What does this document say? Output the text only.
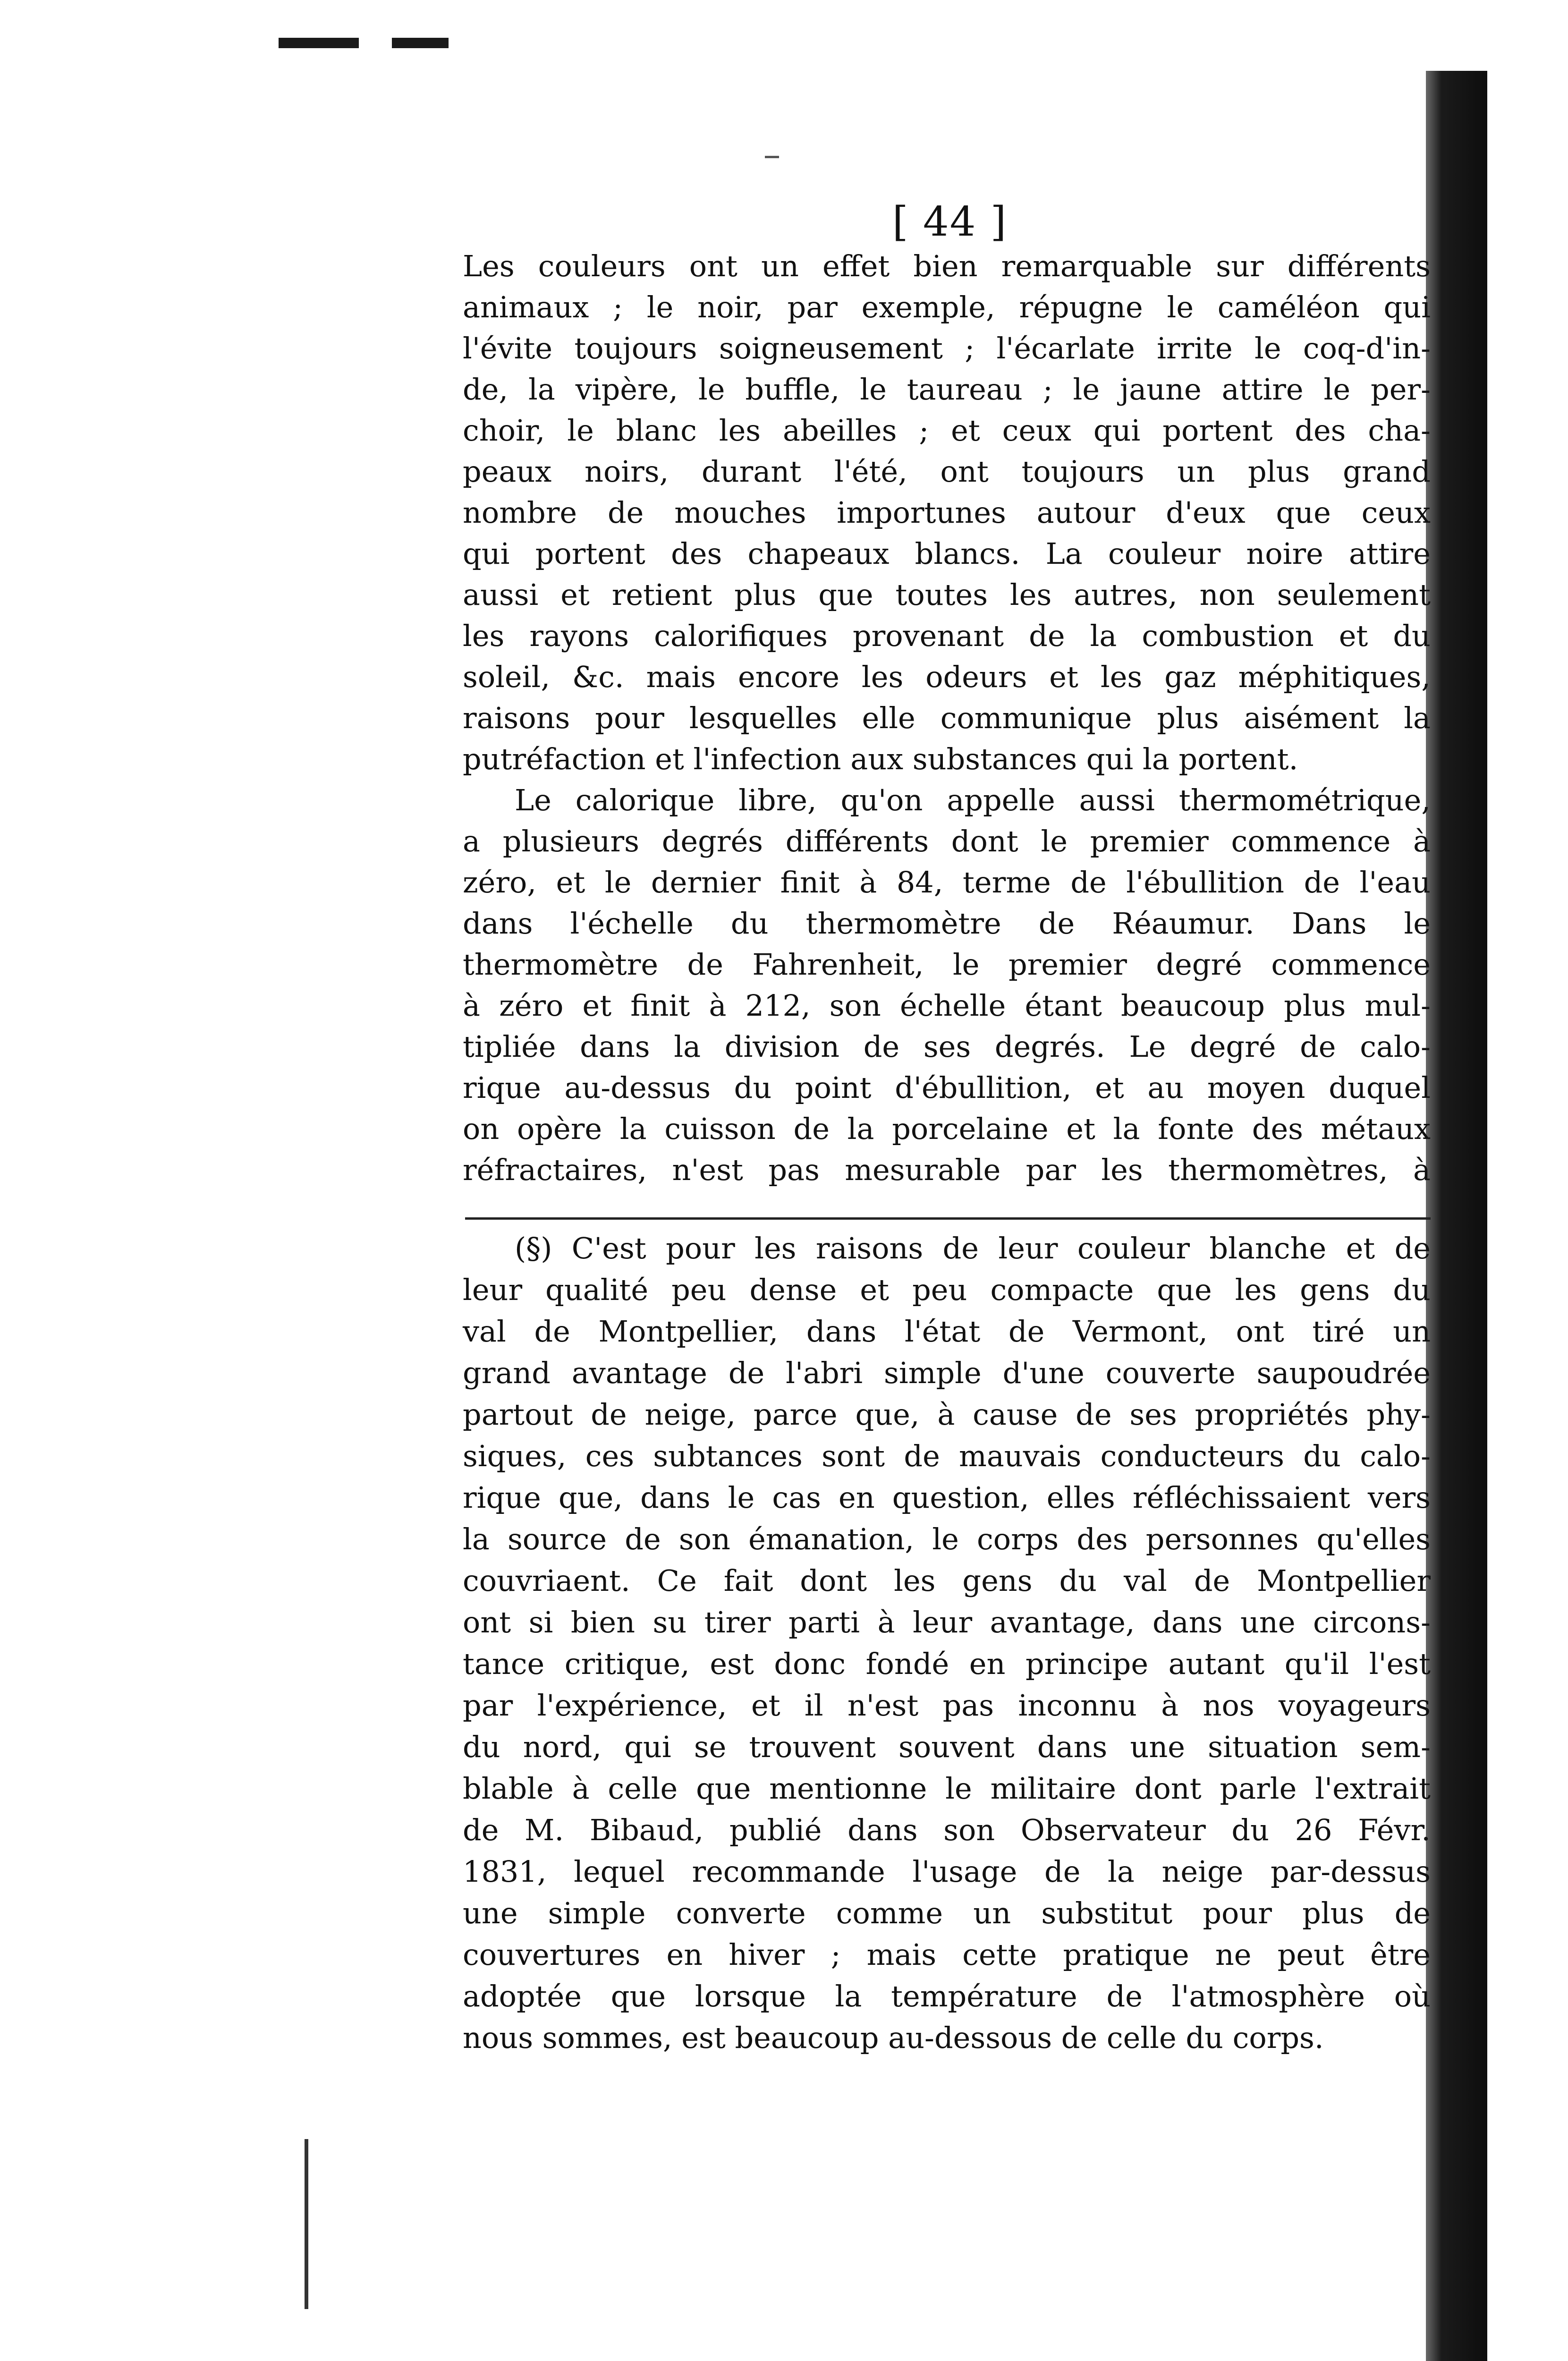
[ 44 ]
Les couleurs ont un effet bien remarquable sur différents
animaux ; le noir, par exemple, répugne le caméléon qui
l'évite toujours soigneusement ; l'écarlate irrite le coq-d'in-
de, la vipère, le buffle, le taureau ; le jaune attire le per-
choir, le blanc les abeilles ; et ceux qui portent des cha-
peaux noirs, durant l'été, ont toujours un plus grand
nombre de mouches importunes autour d'eux que ceux
qui portent des chapeaux blancs. La couleur noire attire
aussi et retient plus que toutes les autres, non seulement
les rayons calorifiques provenant de la combustion et du
soleil, &c. mais encore les odeurs et les gaz méphitiques,
raisons pour lesquelles elle communique plus aisément la
putréfaction et l'infection aux substances qui la portent.
Le calorique libre, qu'on appelle aussi thermométrique,
a plusieurs degrés différents dont le premier commence à
zéro, et le dernier finit à 84, terme de l'ébullition de l'eau
dans l'échelle du thermomètre de Réaumur. Dans le
thermomètre de Fahrenheit, le premier degré commence
à zéro et finit à 212, son échelle étant beaucoup plus mul-
tipliée dans la division de ses degrés. Le degré de calo-
rique au-dessus du point d'ébullition, et au moyen duquel
on opère la cuisson de la porcelaine et la fonte des métaux
réfractaires, n'est pas mesurable par les thermomètres, à
(§) C'est pour les raisons de leur couleur blanche et de
leur qualité peu dense et peu compacte que les gens du
val de Montpellier, dans l'état de Vermont, ont tiré un
grand avantage de l'abri simple d'une couverte saupoudrée
partout de neige, parce que, à cause de ses propriétés phy-
siques, ces subtances sont de mauvais conducteurs du calo-
rique que, dans le cas en question, elles réfléchissaient vers
la source de son émanation, le corps des personnes qu'elles
couvriaent. Ce fait dont les gens du val de Montpellier
ont si bien su tirer parti à leur avantage, dans une circons-
tance critique, est donc fondé en principe autant qu'il l'est
par l'expérience, et il n'est pas inconnu à nos voyageurs
du nord, qui se trouvent souvent dans une situation sem-
blable à celle que mentionne le militaire dont parle l'extrait
de M. Bibaud, publié dans son Observateur du 26 Févr.
1831, lequel recommande l'usage de la neige par-dessus
une simple converte comme un substitut pour plus de
couvertures en hiver ; mais cette pratique ne peut être
adoptée que lorsque la température de l'atmosphère où
nous sommes, est beaucoup au-dessous de celle du corps.
